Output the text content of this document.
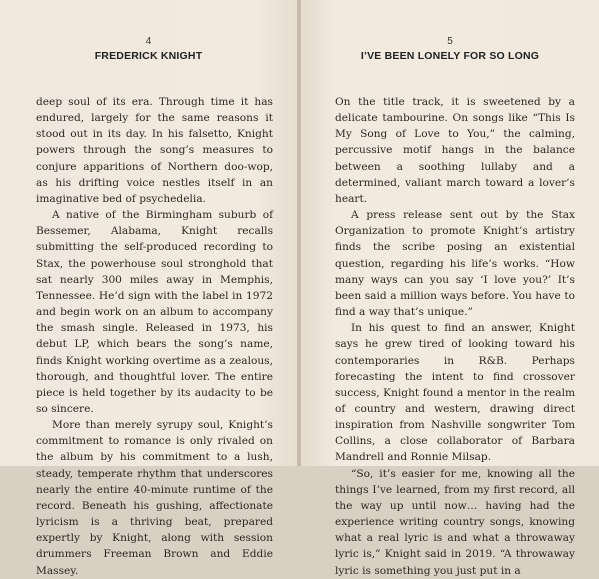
4
FREDERICK KNIGHT

deep soul of its era. Through time it has endured, largely for the same reasons it stood out in its day. In his falsetto, Knight powers through the song’s measures to conjure apparitions of Northern doo-wop, as his drifting voice nestles itself in an imaginative bed of psychedelia.

A native of the Birmingham suburb of Bessemer, Alabama, Knight recalls submitting the self-produced recording to Stax, the powerhouse soul stronghold that sat nearly 300 miles away in Memphis, Tennessee. He’d sign with the label in 1972 and begin work on an album to accompany the smash single. Released in 1973, his debut LP, which bears the song’s name, finds Knight working overtime as a zealous, thorough, and thoughtful lover. The entire piece is held together by its audacity to be so sincere.

More than merely syrupy soul, Knight’s commitment to romance is only rivaled on the album by his commitment to a lush, steady, temperate rhythm that underscores nearly the entire 40-minute runtime of the record. Beneath his gushing, affectionate lyricism is a thriving beat, prepared expertly by Knight, along with session drummers Freeman Brown and Eddie Massey.

5
I’VE BEEN LONELY FOR SO LONG

On the title track, it is sweetened by a delicate tambourine. On songs like “This Is My Song of Love to You,” the calming, percussive motif hangs in the balance between a soothing lullaby and a determined, valiant march toward a lover’s heart.

A press release sent out by the Stax Organization to promote Knight’s artistry finds the scribe posing an existential question, regarding his life’s works. “How many ways can you say ‘I love you?’ It’s been said a million ways before. You have to find a way that’s unique.”

In his quest to find an answer, Knight says he grew tired of looking toward his contemporaries in R&B. Perhaps forecasting the intent to find crossover success, Knight found a mentor in the realm of country and western, drawing direct inspiration from Nashville songwriter Tom Collins, a close collaborator of Barbara Mandrell and Ronnie Milsap.

“So, it’s easier for me, knowing all the things I’ve learned, from my first record, all the way up until now… having had the experience writing country songs, knowing what a real lyric is and what a throwaway lyric is,” Knight said in 2019. “A throwaway lyric is something you just put in a
